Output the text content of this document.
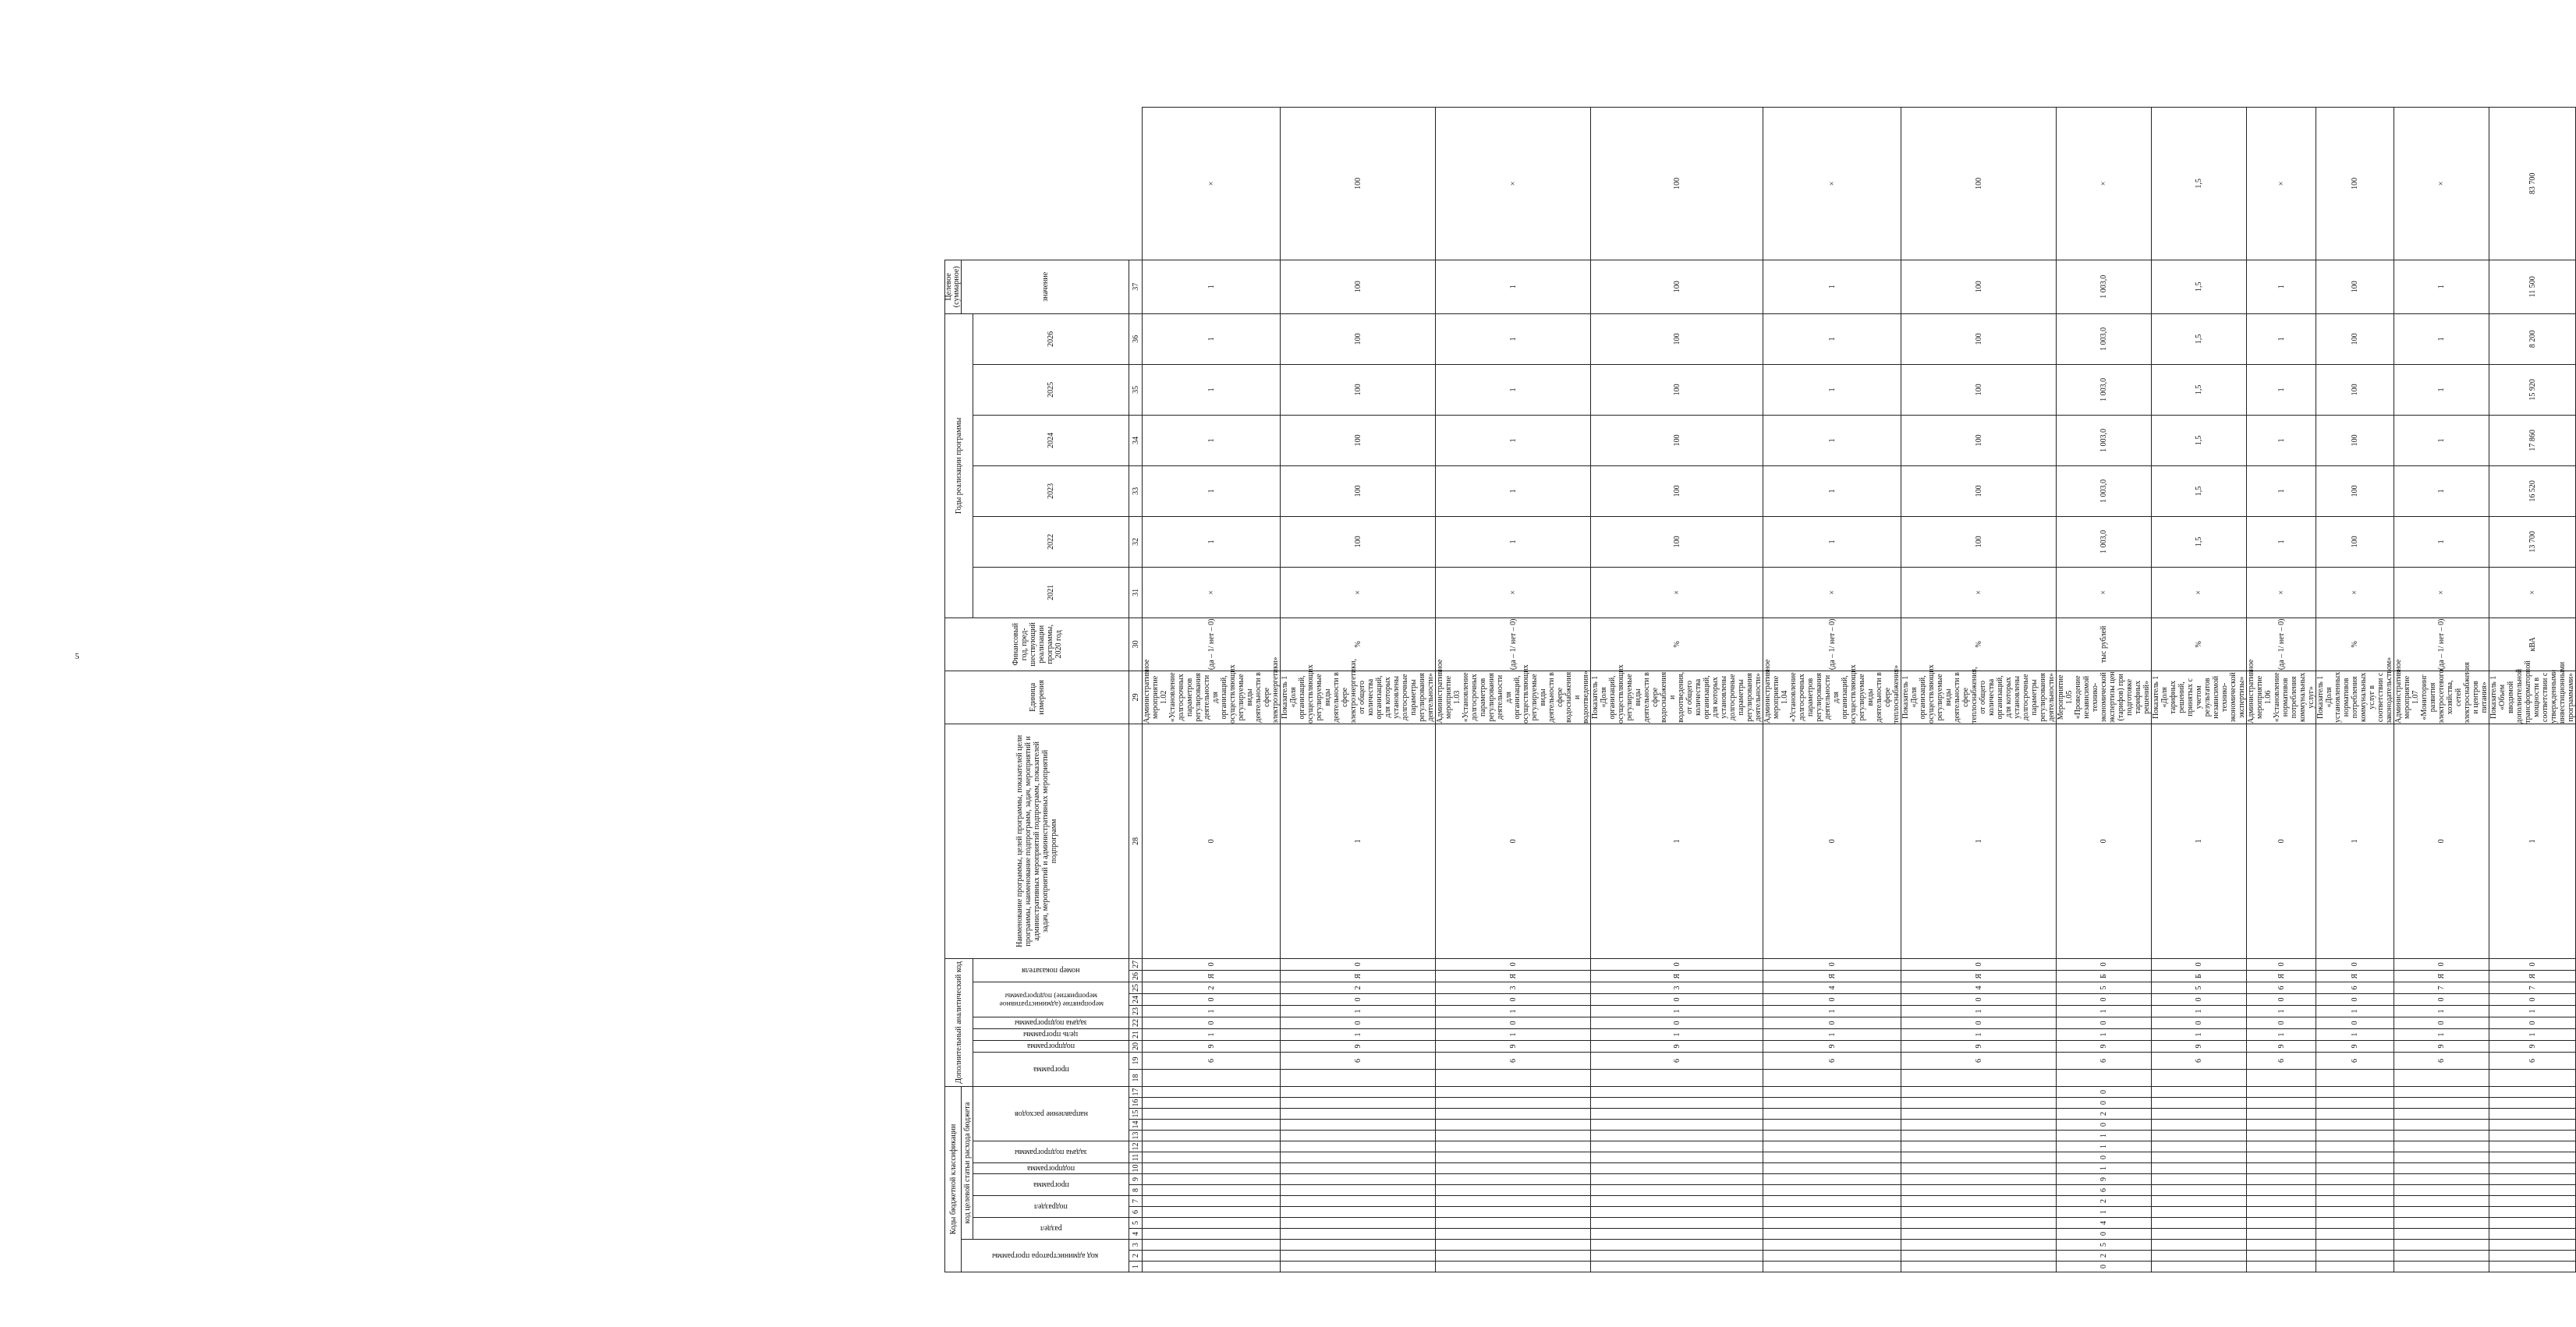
5
Коды бюджетной классификации																	Дополнительный аналитический код										Наименование программы, целей программы, показателей цели программы, наименование подпрограмм, задач, мероприятий и административных мероприятий подпрограмм, показателей задач, мероприятий и административных мероприятий подпрограмм	Единица измерения	Финансовый год, пред-шествующий реализации программы, 2020 год	Годы реализации программы						Целевое (суммарное)	

код администратора программы			код целевой статьи расхода бюджета																																	значение	

			раздел		подраздел		программа		подпрограмма	задача подпрограммы		направление расходов					программа		подпрограмма	цель программы	задача подпрограммы	мероприятие (административное мероприятие) подпрограммы			номер показателя					2021	2022	2023	2024	2025	2026		
1	2	3	4	5	6	7	8	9	10	11	12	13	14	15	16	17	18	19	20	21	22	23	24	25	26	27	28	29	30	31	32	33	34	35	36	37	
																		6	9	1	0	1	0	2	Я	0	0	Административное мероприятие 1.02 «Установление долгосрочных параметров регулирования деятельности для организаций, осуществляющих регулируемые виды деятельности в сфере электроэнергетики»	(да – 1/ нет – 0)	×	1	1	1	1	1	1	×
																		6	9	1	0	1	0	2	Я	0	1	Показатель 1 «Доля организаций, осуществляющих регулируемые виды деятельности в сфере электроэнергетики, от общего количества организаций, для которых установлены долгосрочные параметры регулирования деятельности»	%	×	100	100	100	100	100	100	100
																		6	9	1	0	1	0	3	Я	0	0	Административное мероприятие 1.03 «Установление долгосрочных параметров регулирования деятельности для организаций, осуществляющих регулируемые виды деятельности в сфере водоснабжения и водоотведения»	(да – 1/ нет – 0)	×	1	1	1	1	1	1	×
																		6	9	1	0	1	0	3	Я	0	1	Показатель 1 «Доля организаций, осуществляющих регулируемые виды деятельности в сфере водоснабжения и водоотведения, от общего количества организаций, для которых установлены долгосрочные параметры регулирования деятельности»	%	×	100	100	100	100	100	100	100
																		6	9	1	0	1	0	4	Я	0	0	Административное мероприятие 1.04 «Установление долгосрочных параметров регулирования деятельности для организаций, осуществляющих регулируемые виды деятельности в сфере теплоснабжения»	(да – 1/ нет – 0)	×	1	1	1	1	1	1	×
																		6	9	1	0	1	0	4	Я	0	1	Показатель 1 «Доля организаций, осуществляющих регулируемые виды деятельности в сфере теплоснабжения, от общего количества организаций, для которых установлены долгосрочные параметры регулирования деятельности»	%	×	100	100	100	100	100	100	100
0	2	5	0	4	1	2	6	9	1	0	1	1	0	2	0	0		6	9	1	0	1	0	5	Б	0	0	Мероприятие 1.05 «Проведение независимой технико-экономической экспертизы цен (тарифов) при подготовке тарифных решений»	тыс рублей	×	1 003,0	1 003,0	1 003,0	1 003,0	1 003,0	1 003,0	×
																		6	9	1	0	1	0	5	Б	0	1	Показатель 1 «Доля тарифных решений, принятых с учетом результатов независимой технико-экономической экспертизы»	%	×	1,5	1,5	1,5	1,5	1,5	1,5	1,5
																		6	9	1	0	1	0	6	Я	0	0	Административное мероприятие 1.06 «Установление нормативов потребления коммунальных услуг»	(да – 1/ нет – 0)	×	1	1	1	1	1	1	×
																		6	9	1	0	1	0	6	Я	0	1	Показатель 1 «Доля установленных нормативов потребления коммунальных услуг в соответствии с законодательством»	%	×	100	100	100	100	100	100	100
																		6	9	1	0	1	0	7	Я	0	0	Административное мероприятие 1.07 «Мониторинг развития электросетевого хозяйства, сетей электроснабжения и центров питания»	(да – 1/ нет – 0)	×	1	1	1	1	1	1	×
																		6	9	1	0	1	0	7	Я	0	1	Показатель 1 «Объем вводимой дополнительной трансформаторной мощности в соответствии с утвержденными инвестиционными программами»	кВА	×	13 700	16 520	17 860	15 920	8 200	11 500	83 700
